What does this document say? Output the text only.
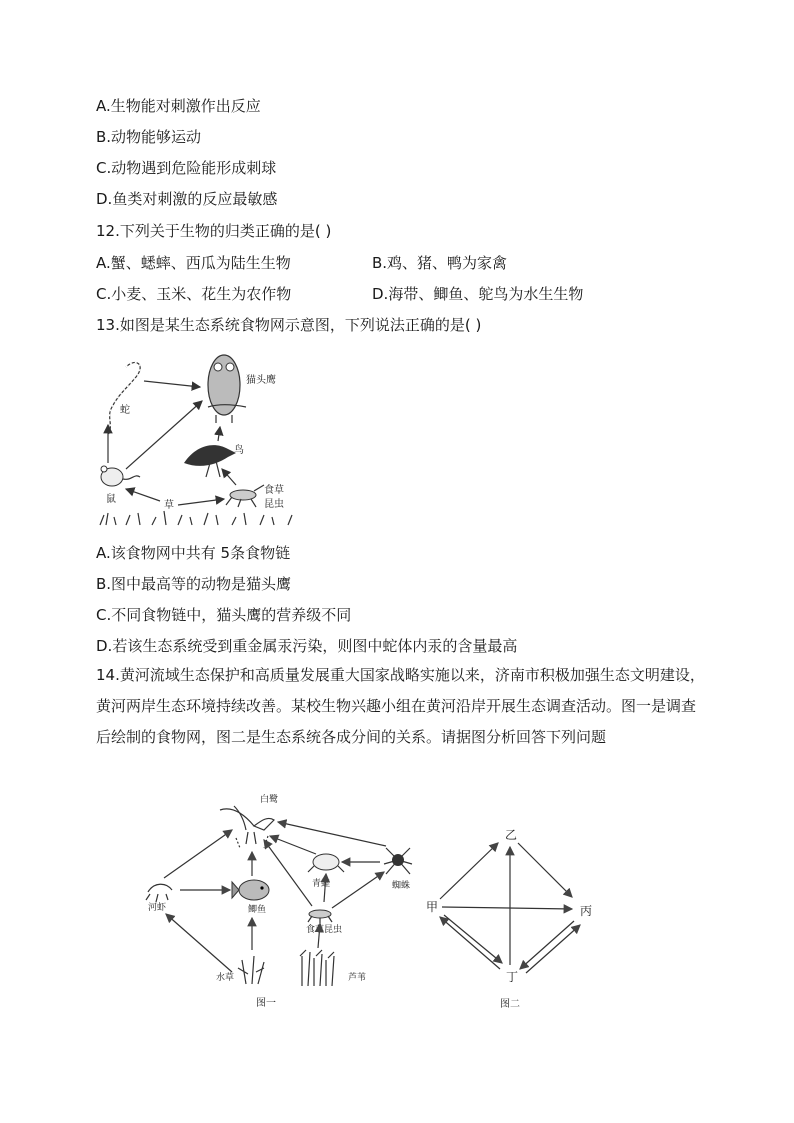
A.生物能对刺激作出反应
B.动物能够运动
C.动物遇到危险能形成刺球
D.鱼类对刺激的反应最敏感
12.下列关于生物的归类正确的是( )
A.蟹、蟋蟀、西瓜为陆生生物	B.鸡、猪、鸭为家禽
C.小麦、玉米、花生为农作物	D.海带、鲫鱼、鸵鸟为水生生物
13.如图是某生态系统食物网示意图，下列说法正确的是( )
蛇
猫头鹰
鸟
鼠
草
食草
昆虫
A.该食物网中共有 5条食物链
B.图中最高等的动物是猫头鹰
C.不同食物链中，猫头鹰的营养级不同
D.若该生态系统受到重金属汞污染，则图中蛇体内汞的含量最高
14.黄河流域生态保护和高质量发展重大国家战略实施以来，济南市积极加强生态文明建设，黄河两岸生态环境持续改善。某校生物兴趣小组在黄河沿岸开展生态调查活动。图一是调查后绘制的食物网，图二是生态系统各成分间的关系。请据图分析回答下列问题
白鹭
河虾	鲫鱼
青蛙	蜘蛛
食草昆虫
水草	芦苇
图一
乙
甲	丙
丁
图二
